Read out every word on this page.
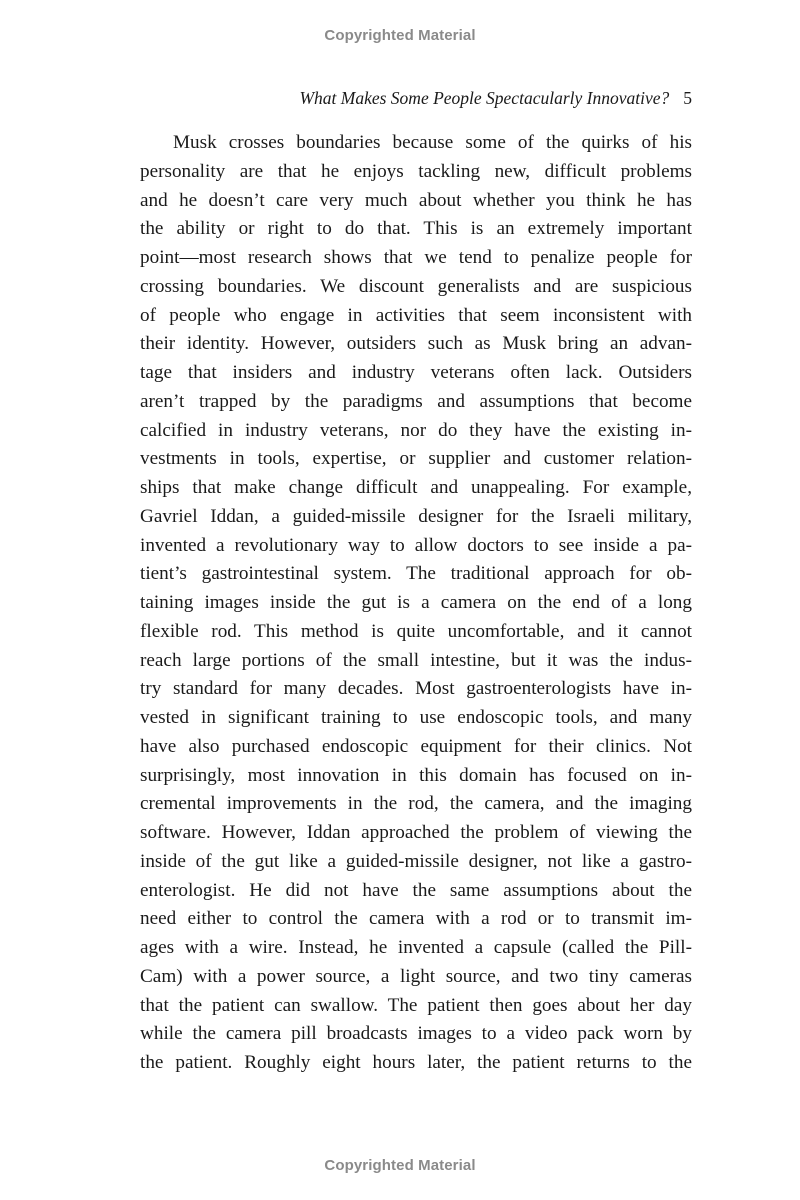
Copyrighted Material
What Makes Some People Spectacularly Innovative? 5
Musk crosses boundaries because some of the quirks of his
personality are that he enjoys tackling new, difficult problems
and he doesn’t care very much about whether you think he has
the ability or right to do that. This is an extremely important
point—most research shows that we tend to penalize people for
crossing boundaries. We discount generalists and are suspicious
of people who engage in activities that seem inconsistent with
their identity. However, outsiders such as Musk bring an advan-
tage that insiders and industry veterans often lack. Outsiders
aren’t trapped by the paradigms and assumptions that become
calcified in industry veterans, nor do they have the existing in-
vestments in tools, expertise, or supplier and customer relation-
ships that make change difficult and unappealing. For example,
Gavriel Iddan, a guided-missile designer for the Israeli military,
invented a revolutionary way to allow doctors to see inside a pa-
tient’s gastrointestinal system. The traditional approach for ob-
taining images inside the gut is a camera on the end of a long
flexible rod. This method is quite uncomfortable, and it cannot
reach large portions of the small intestine, but it was the indus-
try standard for many decades. Most gastroenterologists have in-
vested in significant training to use endoscopic tools, and many
have also purchased endoscopic equipment for their clinics. Not
surprisingly, most innovation in this domain has focused on in-
cremental improvements in the rod, the camera, and the imaging
software. However, Iddan approached the problem of viewing the
inside of the gut like a guided-missile designer, not like a gastro-
enterologist. He did not have the same assumptions about the
need either to control the camera with a rod or to transmit im-
ages with a wire. Instead, he invented a capsule (called the Pill-
Cam) with a power source, a light source, and two tiny cameras
that the patient can swallow. The patient then goes about her day
while the camera pill broadcasts images to a video pack worn by
the patient. Roughly eight hours later, the patient returns to the
Copyrighted Material
